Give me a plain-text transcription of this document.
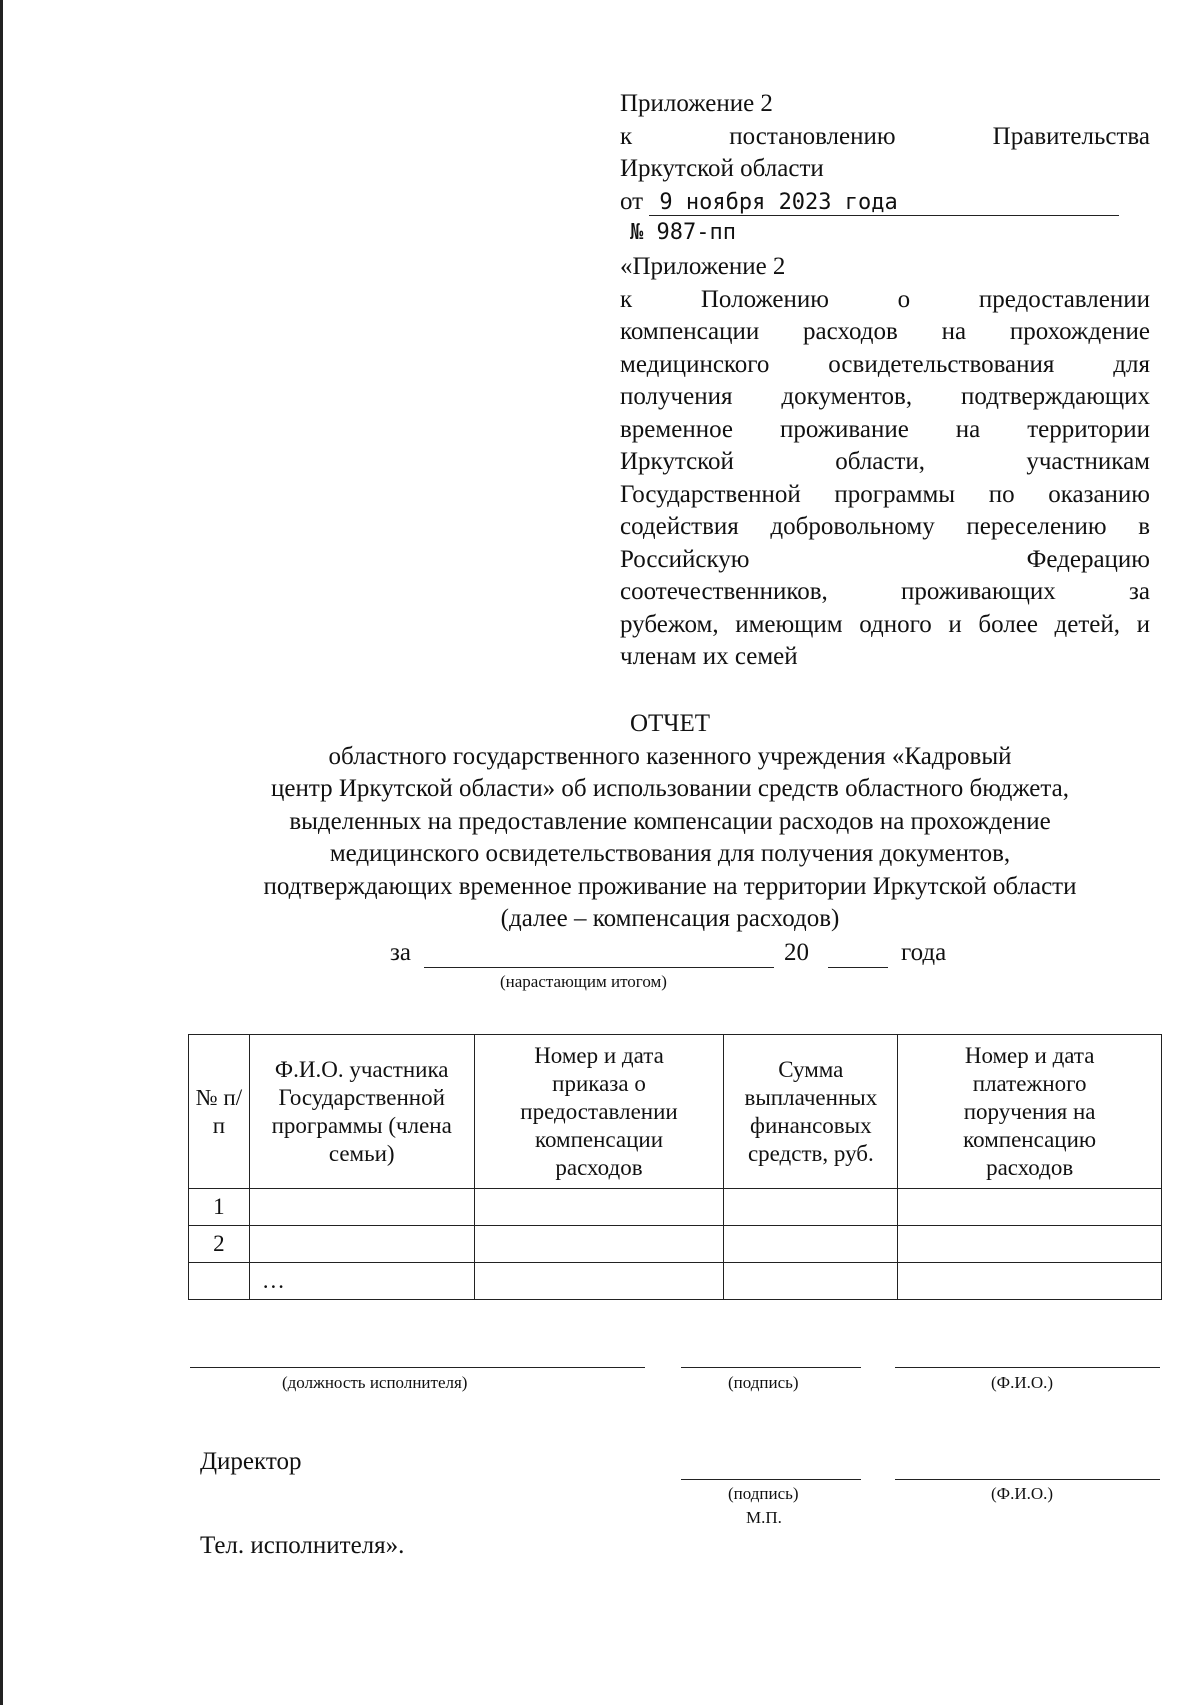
Приложение 2
к постановлению Правительства
Иркутской области
от 9 ноября 2023 года
№ 987-пп
«Приложение 2
к Положению о предоставлении
компенсации расходов на прохождение
медицинского освидетельствования для
получения документов, подтверждающих
временное проживание на территории
Иркутской области, участникам
Государственной программы по оказанию
содействия добровольному переселению в
Российскую Федерацию
соотечественников, проживающих за
рубежом, имеющим одного и более детей, и
членам их семей
ОТЧЕТ
областного государственного казенного учреждения «Кадровый
центр Иркутской области» об использовании средств областного бюджета,
выделенных на предоставление компенсации расходов на прохождение
медицинского освидетельствования для получения документов,
подтверждающих временное проживание на территории Иркутской области
(далее – компенсация расходов)
за	20	года
(нарастающим итогом)
№ п/п	Ф.И.О. участника Государственной программы (члена семьи)	Номер и дата приказа о предоставлении компенсации расходов	Сумма выплаченных финансовых средств, руб.	Номер и дата платежного поручения на компенсацию расходов
1				
2				
	…			
(должность исполнителя)	(подпись)	(Ф.И.О.)
Директор
(подпись)	(Ф.И.О.)
М.П.
Тел. исполнителя».
